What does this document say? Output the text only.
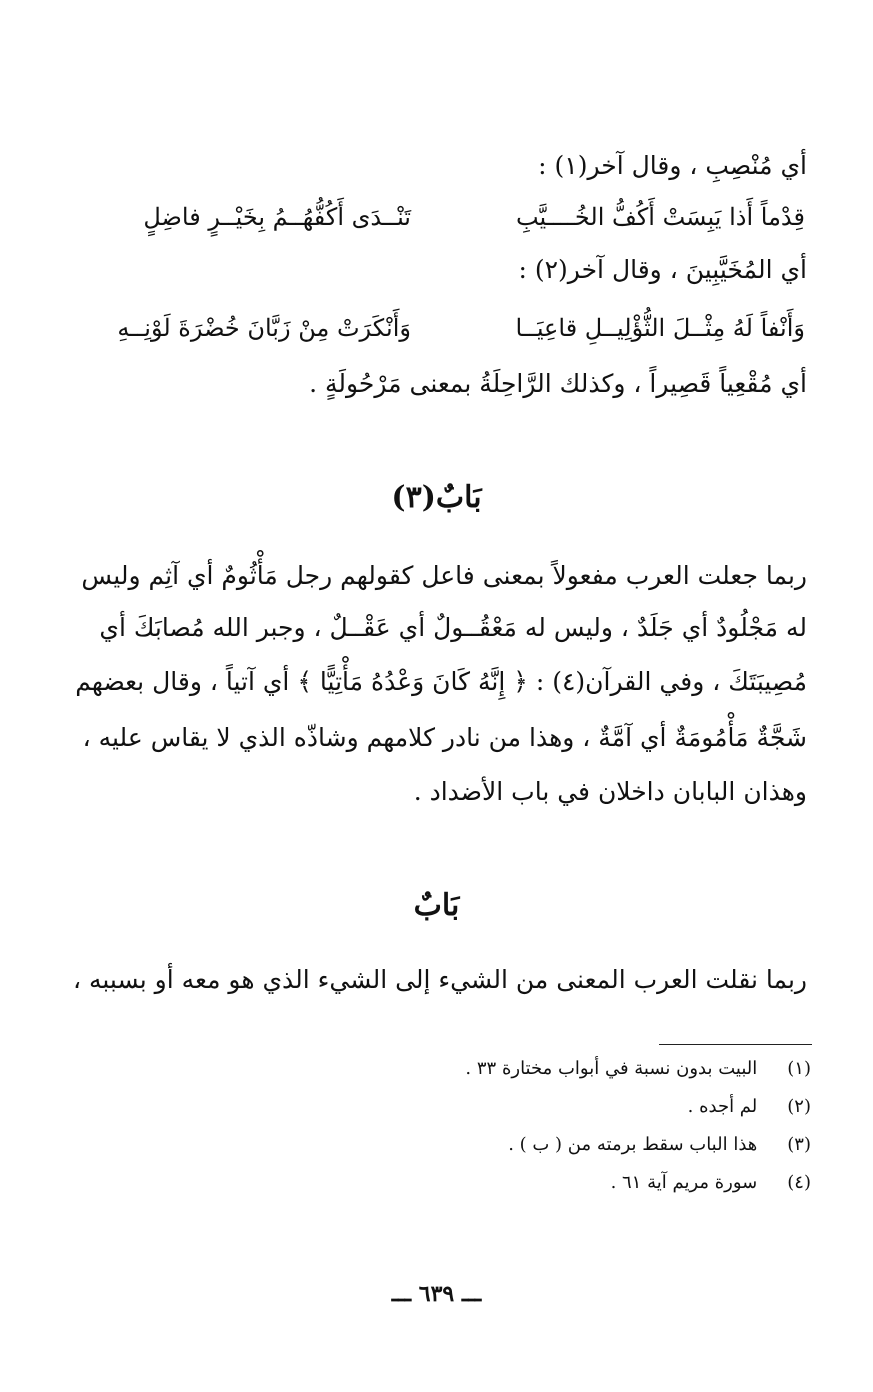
أي مُنْصِبِ ، وقال آخر(١) :
قِدْماً أَذا يَبِسَتْ أَكُفُّ الخُــــيَّبِ
تَنْــدَى أَكُفُّهُــمُ بِخَيْــرٍ فاضِلٍ
أي المُخَيَّبِينَ ، وقال آخر(٢) :
وَأَنْفاً لَهُ مِثْــلَ الثُّؤْلِيــلِ قاعِيَــا
وَأَنْكَرَتْ مِنْ زَبَّانَ خُضْرَةَ لَوْنِــهِ
أي مُقْعِياً قَصِيراً ، وكذلك الرَّاحِلَةُ بمعنى مَرْحُولَةٍ .
بَابٌ(٣)
ربما جعلت العرب مفعولاً بمعنى فاعل كقولهم رجل مَأْثُومٌ أي آثِم وليس
له مَجْلُودٌ أي جَلَدٌ ، وليس له مَعْقُــولٌ أي عَقْــلٌ ، وجبر الله مُصابَكَ أي
مُصِيبَتَكَ ، وفي القرآن(٤) : ﴿ إِنَّهُ كَانَ وَعْدُهُ مَأْتِيًّا ﴾ أي آتياً ، وقال بعضهم
شَجَّةٌ مَأْمُومَةٌ أي آمَّةٌ ، وهذا من نادر كلامهم وشاذّه الذي لا يقاس عليه ،
وهذان البابان داخلان في باب الأضداد .
بَابٌ
ربما نقلت العرب المعنى من الشيء إلى الشيء الذي هو معه أو بسببه ،
(١) البيت بدون نسبة في أبواب مختارة ٣٣ .
(٢) لم أجده .
(٣) هذا الباب سقط برمته من ( ب ) .
(٤) سورة مريم آية ٦١ .
ـــ ٦٣٩ ـــ
